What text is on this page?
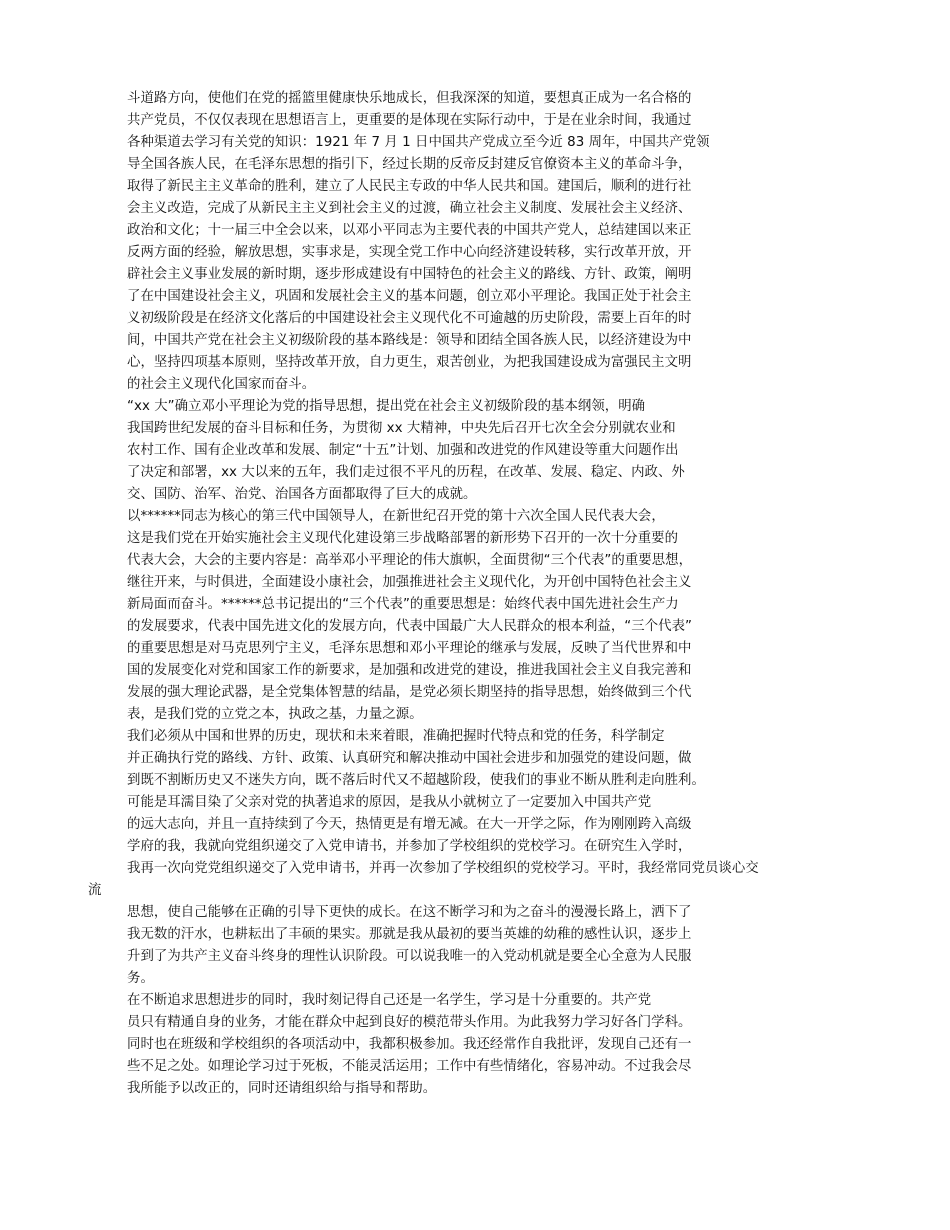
斗道路方向，使他们在党的摇篮里健康快乐地成长，但我深深的知道，要想真正成为一名合格的
共产党员，不仅仅表现在思想语言上，更重要的是体现在实际行动中，于是在业余时间，我通过
各种渠道去学习有关党的知识：1921 年 7 月 1 日中国共产党成立至今近 83 周年，中国共产党领
导全国各族人民，在毛泽东思想的指引下，经过长期的反帝反封建反官僚资本主义的革命斗争，
取得了新民主主义革命的胜利，建立了人民民主专政的中华人民共和国。建国后，顺利的进行社
会主义改造，完成了从新民主主义到社会主义的过渡，确立社会主义制度、发展社会主义经济、
政治和文化；十一届三中全会以来，以邓小平同志为主要代表的中国共产党人，总结建国以来正
反两方面的经验，解放思想，实事求是，实现全党工作中心向经济建设转移，实行改革开放，开
辟社会主义事业发展的新时期，逐步形成建设有中国特色的社会主义的路线、方针、政策，阐明
了在中国建设社会主义，巩固和发展社会主义的基本问题，创立邓小平理论。我国正处于社会主
义初级阶段是在经济文化落后的中国建设社会主义现代化不可逾越的历史阶段，需要上百年的时
间，中国共产党在社会主义初级阶段的基本路线是：领导和团结全国各族人民，以经济建设为中
心，坚持四项基本原则，坚持改革开放，自力更生，艰苦创业，为把我国建设成为富强民主文明
的社会主义现代化国家而奋斗。
“xx 大”确立邓小平理论为党的指导思想，提出党在社会主义初级阶段的基本纲领，明确
我国跨世纪发展的奋斗目标和任务，为贯彻 xx 大精神，中央先后召开七次全会分别就农业和
农村工作、国有企业改革和发展、制定“十五”计划、加强和改进党的作风建设等重大问题作出
了决定和部署，xx 大以来的五年，我们走过很不平凡的历程，在改革、发展、稳定、内政、外
交、国防、治军、治党、治国各方面都取得了巨大的成就。
以******同志为核心的第三代中国领导人，在新世纪召开党的第十六次全国人民代表大会，
这是我们党在开始实施社会主义现代化建设第三步战略部署的新形势下召开的一次十分重要的
代表大会，大会的主要内容是：高举邓小平理论的伟大旗帜，全面贯彻“三个代表”的重要思想，
继往开来，与时俱进，全面建设小康社会，加强推进社会主义现代化，为开创中国特色社会主义
新局面而奋斗。******总书记提出的“三个代表”的重要思想是：始终代表中国先进社会生产力
的发展要求，代表中国先进文化的发展方向，代表中国最广大人民群众的根本利益，“三个代表”
的重要思想是对马克思列宁主义，毛泽东思想和邓小平理论的继承与发展，反映了当代世界和中
国的发展变化对党和国家工作的新要求，是加强和改进党的建设，推进我国社会主义自我完善和
发展的强大理论武器，是全党集体智慧的结晶，是党必须长期坚持的指导思想，始终做到三个代
表，是我们党的立党之本，执政之基，力量之源。
我们必须从中国和世界的历史，现状和未来着眼，准确把握时代特点和党的任务，科学制定
并正确执行党的路线、方针、政策、认真研究和解决推动中国社会进步和加强党的建设问题，做
到既不割断历史又不迷失方向，既不落后时代又不超越阶段，使我们的事业不断从胜利走向胜利。
可能是耳濡目染了父亲对党的执著追求的原因，是我从小就树立了一定要加入中国共产党
的远大志向，并且一直持续到了今天，热情更是有增无减。在大一开学之际，作为刚刚跨入高级
学府的我，我就向党组织递交了入党申请书，并参加了学校组织的党校学习。在研究生入学时，
我再一次向党党组织递交了入党申请书，并再一次参加了学校组织的党校学习。平时，我经常同党员谈心交
流
思想，使自己能够在正确的引导下更快的成长。在这不断学习和为之奋斗的漫漫长路上，洒下了
我无数的汗水，也耕耘出了丰硕的果实。那就是我从最初的要当英雄的幼稚的感性认识，逐步上
升到了为共产主义奋斗终身的理性认识阶段。可以说我唯一的入党动机就是要全心全意为人民服
务。
在不断追求思想进步的同时，我时刻记得自己还是一名学生，学习是十分重要的。共产党
员只有精通自身的业务，才能在群众中起到良好的模范带头作用。为此我努力学习好各门学科。
同时也在班级和学校组织的各项活动中，我都积极参加。我还经常作自我批评，发现自己还有一
些不足之处。如理论学习过于死板，不能灵活运用；工作中有些情绪化，容易冲动。不过我会尽
我所能予以改正的，同时还请组织给与指导和帮助。
